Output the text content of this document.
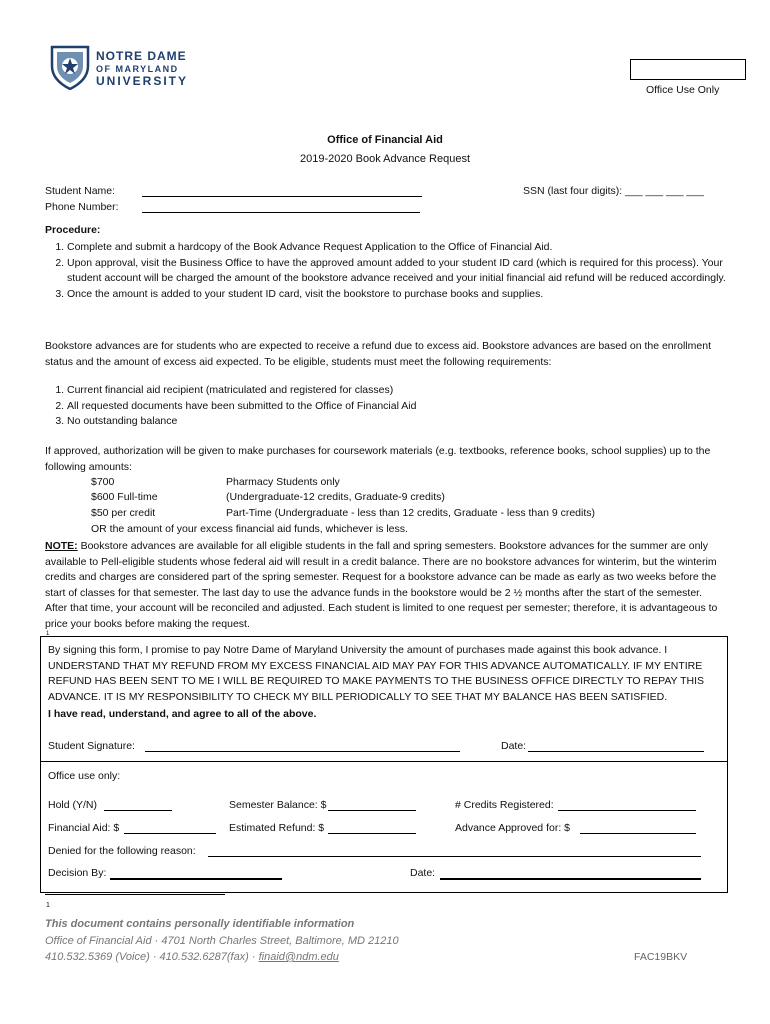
NOTRE DAME
OF MARYLAND
UNIVERSITY
Office Use Only
Office of Financial Aid
2019-2020 Book Advance Request
Student Name:	SSN (last four digits): ___ ___ ___ ___
Phone Number:
Procedure:
1. Complete and submit a hardcopy of the Book Advance Request Application to the Office of Financial Aid.
2. Upon approval, visit the Business Office to have the approved amount added to your student ID card (which is required for this process). Your student account will be charged the amount of the bookstore advance received and your initial financial aid refund will be reduced accordingly.
3. Once the amount is added to your student ID card, visit the bookstore to purchase books and supplies.
Bookstore advances are for students who are expected to receive a refund due to excess aid. Bookstore advances are based on the enrollment status and the amount of excess aid expected. To be eligible, students must meet the following requirements:
1. Current financial aid recipient (matriculated and registered for classes)
2. All requested documents have been submitted to the Office of Financial Aid
3. No outstanding balance
If approved, authorization will be given to make purchases for coursework materials (e.g. textbooks, reference books, school supplies) up to the following amounts:
$700	Pharmacy Students only
$600 Full-time	(Undergraduate-12 credits, Graduate-9 credits)
$50 per credit	Part-Time (Undergraduate - less than 12 credits, Graduate - less than 9 credits)
OR the amount of your excess financial aid funds, whichever is less.
NOTE: Bookstore advances are available for all eligible students in the fall and spring semesters. Bookstore advances for the summer are only available to Pell-eligible students whose federal aid will result in a credit balance. There are no bookstore advances for winterim, but the winterim credits and charges are considered part of the spring semester. Request for a bookstore advance can be made as early as two weeks before the start of classes for that semester. The last day to use the advance funds in the bookstore would be 2 ½ months after the start of the semester. After that time, your account will be reconciled and adjusted. Each student is limited to one request per semester; therefore, it is advantageous to price your books before making the request.
1
By signing this form, I promise to pay Notre Dame of Maryland University the amount of purchases made against this book advance. I UNDERSTAND THAT MY REFUND FROM MY EXCESS FINANCIAL AID MAY PAY FOR THIS ADVANCE AUTOMATICALLY. IF MY ENTIRE REFUND HAS BEEN SENT TO ME I WILL BE REQUIRED TO MAKE PAYMENTS TO THE BUSINESS OFFICE DIRECTLY TO REPAY THIS ADVANCE. IT IS MY RESPONSIBILITY TO CHECK MY BILL PERIODICALLY TO SEE THAT MY BALANCE HAS BEEN SATISFIED.
I have read, understand, and agree to all of the above.
Student Signature:	Date:
Office use only:
Hold (Y/N)	Semester Balance: $	# Credits Registered:
Financial Aid: $	Estimated Refund: $	Advance Approved for: $
Denied for the following reason:
Decision By:	Date:
1
This document contains personally identifiable information
Office of Financial Aid · 4701 North Charles Street, Baltimore, MD 21210
410.532.5369 (Voice) · 410.532.6287(fax) · finaid@ndm.edu	FAC19BKV
